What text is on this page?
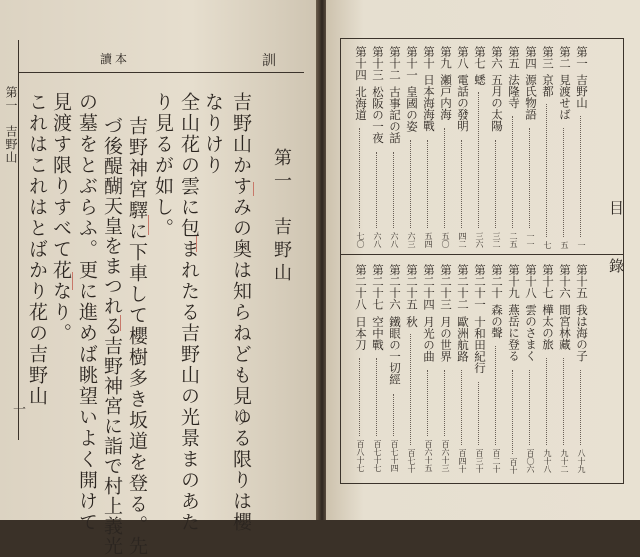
第一　吉野山
訓
讀本
第一　吉野山
吉野山かすみの奥は知らねども見ゆる限りは櫻
なりけり
全山花の雲に包まれたる吉野山の光景まのあた
り見るが如し。
吉野神宮驛に下車して櫻樹多き坂道を登る。先
づ後醍醐天皇をまつれる吉野神宮に詣で村上義光
の墓をとぶらふ。更に進めば眺望いよく開けて
見渡す限りすべて花なり。
これはこれはとばかり花の吉野山
一
目　錄
第一
吉野山
一
第二
見渡せば
五
第三
京都
七
第四
源氏物語
一一
第五
法隆寺
二五
第六
五月の太陽
三二
第七
蟋
三六
第八
電話の發明
四二
第九
瀬戸内海
五〇
第十
日本海海戰
五四
第十一
皇國の姿
六三
第十二
古事記の話
六八
第十三
松阪の一夜
六八
第十四
北海道
七〇
第十五
我は海の子
八十九
第十六
間宮林藏
九十二
第十七
樺太の旅
九十八
第十八
雲のさまく
百〇六
第十九
燕岳に登る
百十
第二十
森の聲
百二十
第二十一
十和田紀行
百三十
第二十二
歐洲航路
百四十
第二十三
月の世界
百六十三
第二十四
月光の曲
百六十五
第二十五
秋
百七十
第二十六
鐵眼の一切經
百七十四
第二十七
空中戰
百七十七
第二十八
日本刀
百八十七
